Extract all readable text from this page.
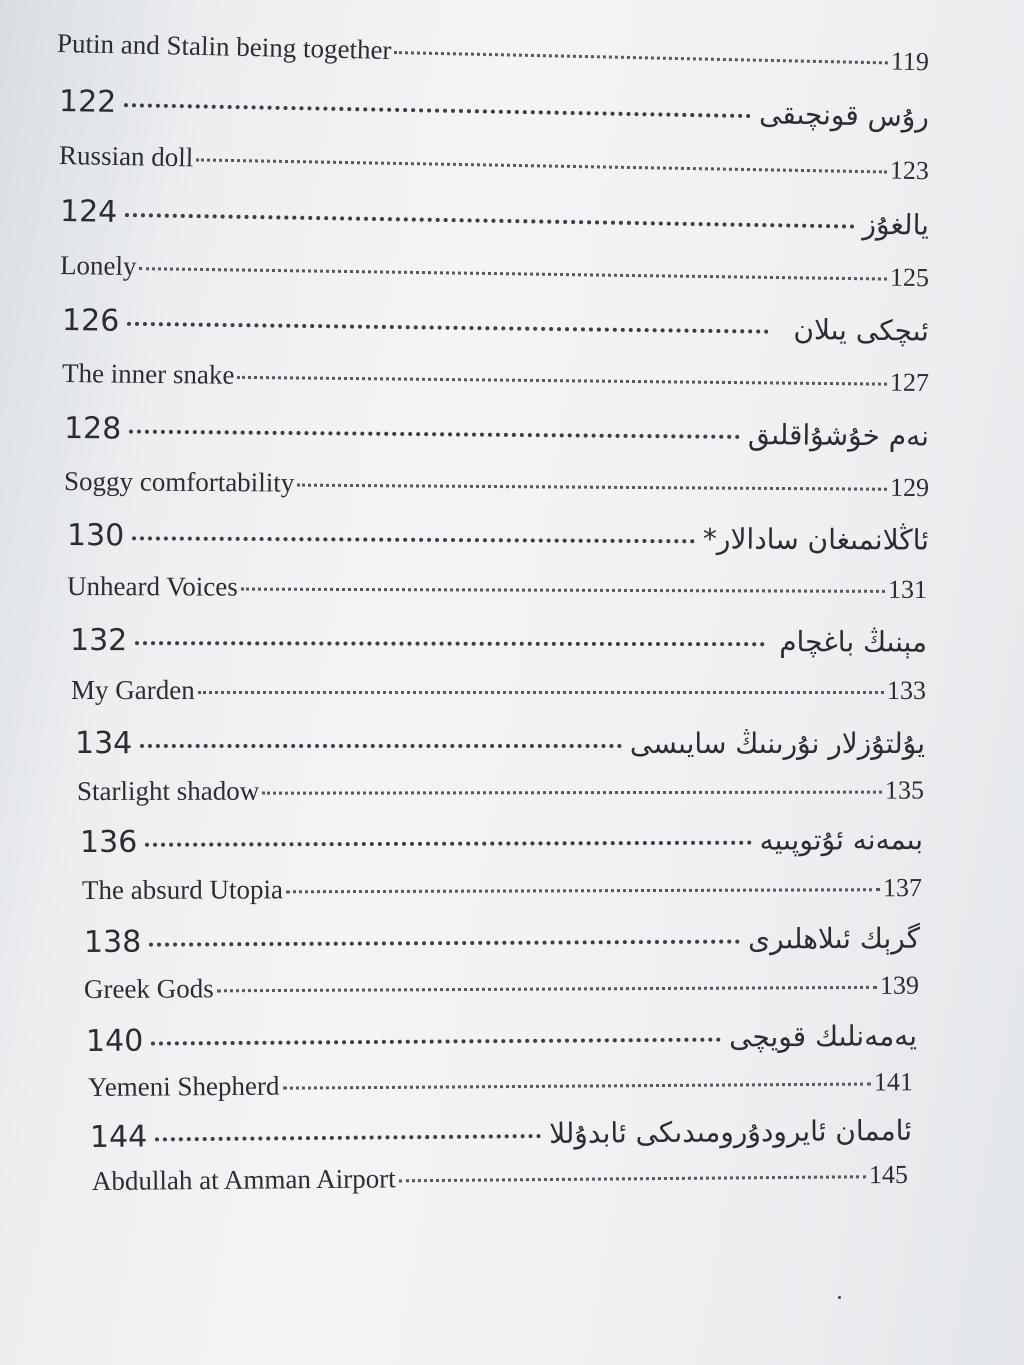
Putin and Stalin being together	119
122	رۇس قونچىقى
Russian doll	123
124	يالغۇز
Lonely	125
126	ئىچكى يىلان
The inner snake	127
128	نەم خۇشۇاقلىق
Soggy comfortability	129
130	ئاڭلانمىغان سادالار*
Unheard Voices	131
132	مېنىڭ باغچام
My Garden	133
134	يۇلتۇزلار نۇرىنىڭ سايىسى
Starlight shadow	135
136	بىمەنە ئۇتوپىيە
The absurd Utopia	137
138	گرېك ئىلاھلىرى
Greek Gods	139
140	يەمەنلىك قويچى
Yemeni Shepherd	141
144	ئاممان ئايرودۇرومىدىكى ئابدۇللا
Abdullah at Amman Airport	145
